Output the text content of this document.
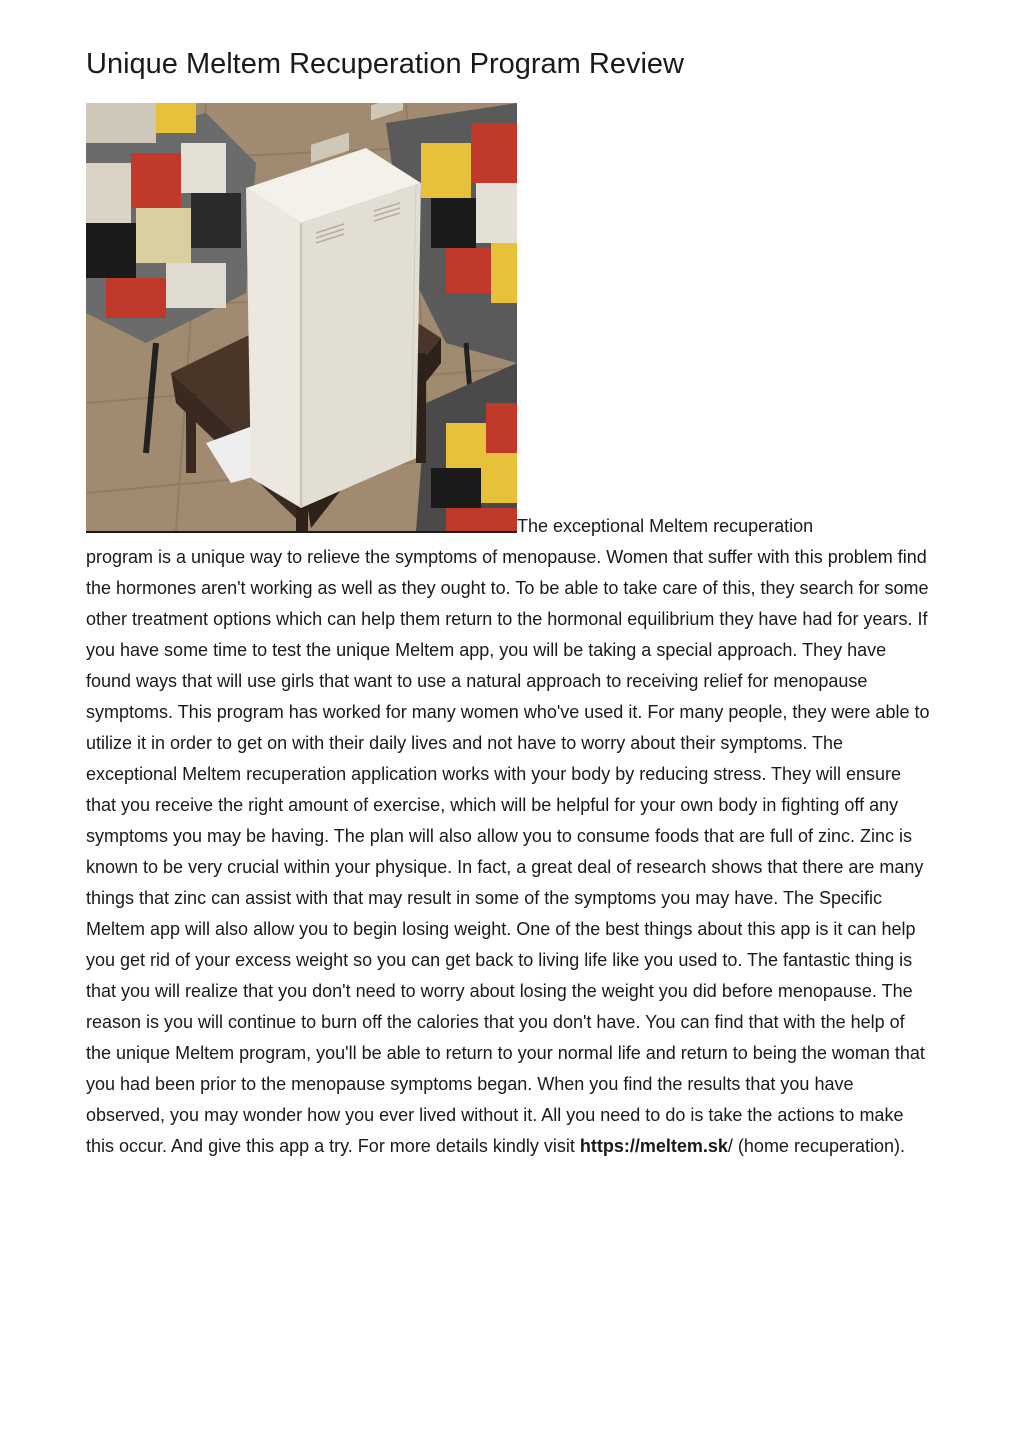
Unique Meltem Recuperation Program Review
The exceptional Meltem recuperation

program is a unique way to relieve the symptoms of menopause. Women that suffer with this problem find the hormones aren't working as well as they ought to. To be able to take care of this, they search for some other treatment options which can help them return to the hormonal equilibrium they have had for years. If you have some time to test the unique Meltem app, you will be taking a special approach. They have found ways that will use girls that want to use a natural approach to receiving relief for menopause symptoms. This program has worked for many women who've used it. For many people, they were able to utilize it in order to get on with their daily lives and not have to worry about their symptoms. The exceptional Meltem recuperation application works with your body by reducing stress. They will ensure that you receive the right amount of exercise, which will be helpful for your own body in fighting off any symptoms you may be having. The plan will also allow you to consume foods that are full of zinc. Zinc is known to be very crucial within your physique. In fact, a great deal of research shows that there are many things that zinc can assist with that may result in some of the symptoms you may have. The Specific Meltem app will also allow you to begin losing weight. One of the best things about this app is it can help you get rid of your excess weight so you can get back to living life like you used to. The fantastic thing is that you will realize that you don't need to worry about losing the weight you did before menopause. The reason is you will continue to burn off the calories that you don't have. You can find that with the help of the unique Meltem program, you'll be able to return to your normal life and return to being the woman that you had been prior to the menopause symptoms began. When you find the results that you have observed, you may wonder how you ever lived without it. All you need to do is take the actions to make this occur. And give this app a try. For more details kindly visit https://meltem.sk/ (home recuperation).
